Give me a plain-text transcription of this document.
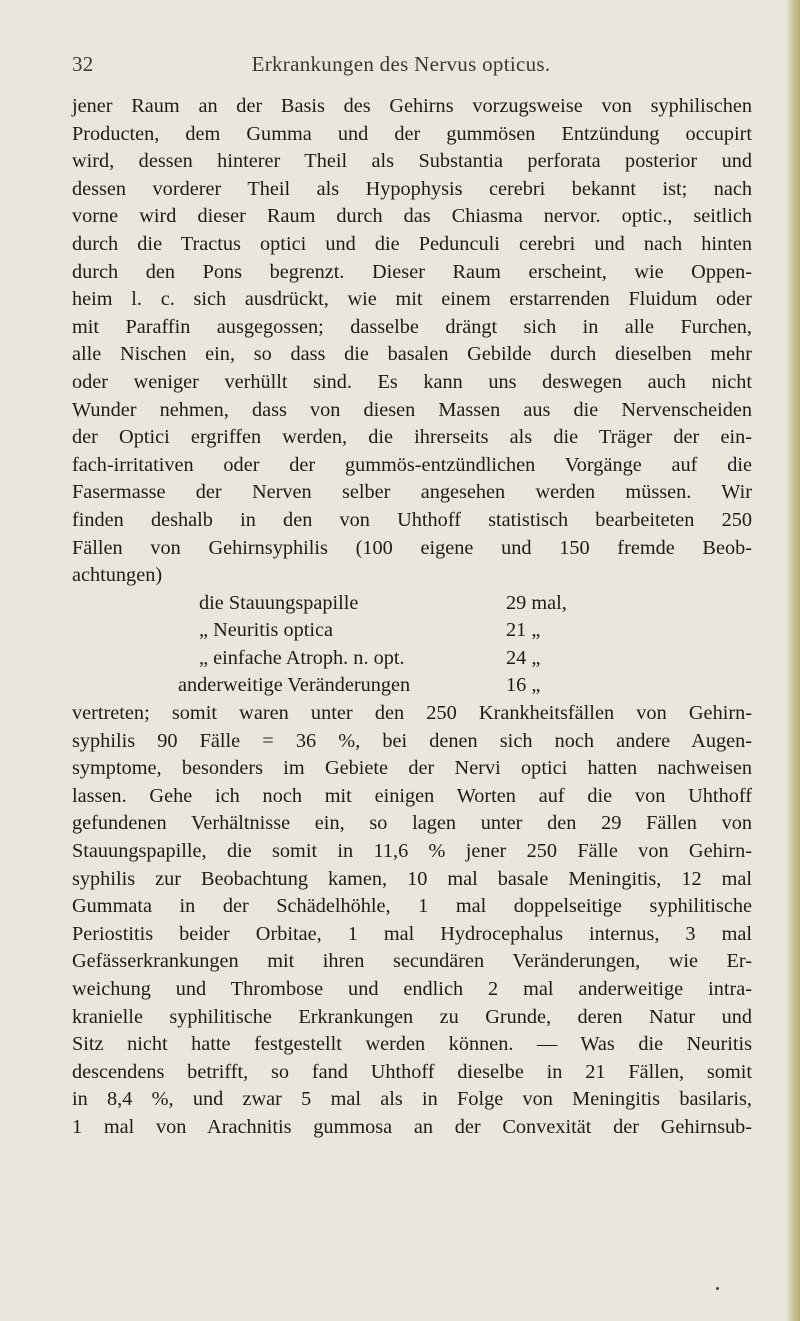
32	Erkrankungen des Nervus opticus.
jener Raum an der Basis des Gehirns vorzugsweise von syphilischen
Producten, dem Gumma und der gummösen Entzündung occupirt
wird, dessen hinterer Theil als Substantia perforata posterior und
dessen vorderer Theil als Hypophysis cerebri bekannt ist; nach
vorne wird dieser Raum durch das Chiasma nervor. optic., seitlich
durch die Tractus optici und die Pedunculi cerebri und nach hinten
durch den Pons begrenzt. Dieser Raum erscheint, wie Oppen-
heim l. c. sich ausdrückt, wie mit einem erstarrenden Fluidum oder
mit Paraffin ausgegossen; dasselbe drängt sich in alle Furchen,
alle Nischen ein, so dass die basalen Gebilde durch dieselben mehr
oder weniger verhüllt sind. Es kann uns deswegen auch nicht
Wunder nehmen, dass von diesen Massen aus die Nervenscheiden
der Optici ergriffen werden, die ihrerseits als die Träger der ein-
fach-irritativen oder der gummös-entzündlichen Vorgänge auf die
Fasermasse der Nerven selber angesehen werden müssen. Wir
finden deshalb in den von Uhthoff statistisch bearbeiteten 250
Fällen von Gehirnsyphilis (100 eigene und 150 fremde Beob-
achtungen)
die Stauungspapille	29 mal,
„ Neuritis optica	21 „
„ einfache Atroph. n. opt.	24 „
anderweitige Veränderungen	16 „
vertreten; somit waren unter den 250 Krankheitsfällen von Gehirn-
syphilis 90 Fälle = 36 %, bei denen sich noch andere Augen-
symptome, besonders im Gebiete der Nervi optici hatten nachweisen
lassen. Gehe ich noch mit einigen Worten auf die von Uhthoff
gefundenen Verhältnisse ein, so lagen unter den 29 Fällen von
Stauungspapille, die somit in 11,6 % jener 250 Fälle von Gehirn-
syphilis zur Beobachtung kamen, 10 mal basale Meningitis, 12 mal
Gummata in der Schädelhöhle, 1 mal doppelseitige syphilitische
Periostitis beider Orbitae, 1 mal Hydrocephalus internus, 3 mal
Gefässerkrankungen mit ihren secundären Veränderungen, wie Er-
weichung und Thrombose und endlich 2 mal anderweitige intra-
kranielle syphilitische Erkrankungen zu Grunde, deren Natur und
Sitz nicht hatte festgestellt werden können. — Was die Neuritis
descendens betrifft, so fand Uhthoff dieselbe in 21 Fällen, somit
in 8,4 %, und zwar 5 mal als in Folge von Meningitis basilaris,
1 mal von Arachnitis gummosa an der Convexität der Gehirnsub-
